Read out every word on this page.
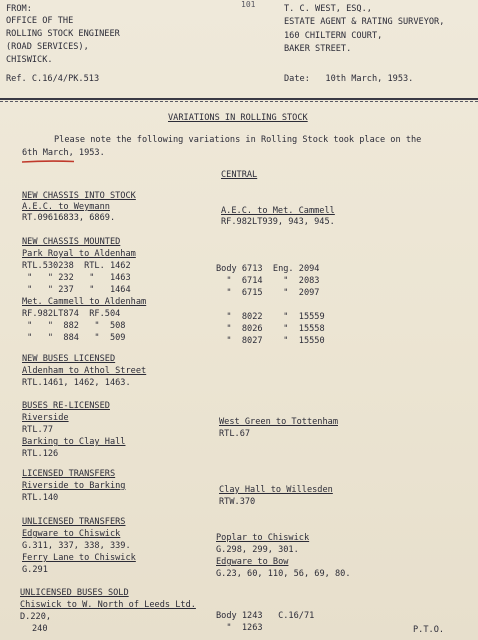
101
FROM:
OFFICE OF THE
ROLLING STOCK ENGINEER
(ROAD SERVICES),
CHISWICK.
Ref. C.16/4/PK.513
T. C. WEST, ESQ.,
ESTATE AGENT & RATING SURVEYOR,
160 CHILTERN COURT,
BAKER STREET.
Date:   10th March, 1953.
VARIATIONS IN ROLLING STOCK
Please note the following variations in Rolling Stock took place on the
6th March, 1953.
CENTRAL
NEW CHASSIS INTO STOCK
A.E.C. to Weymann
RT.09616833, 6869.
A.E.C. to Met. Cammell
RF.982LT939, 943, 945.
NEW CHASSIS MOUNTED
Park Royal to Aldenham
RTL.530238  RTL. 1462
"   " 232   "   1463
"   " 237   "   1464
Body 6713  Eng. 2094
"  6714    "  2083
"  6715    "  2097
Met. Cammell to Aldenham
RF.982LT874  RF.504
"   "  882   "  508
"   "  884   "  509
"  8022    "  15559
"  8026    "  15558
"  8027    "  15550
NEW BUSES LICENSED
Aldenham to Athol Street
RTL.1461, 1462, 1463.
BUSES RE-LICENSED
Riverside
RTL.77
Barking to Clay Hall
RTL.126
West Green to Tottenham
RTL.67
LICENSED TRANSFERS
Riverside to Barking
RTL.140
Clay Hall to Willesden
RTW.370
UNLICENSED TRANSFERS
Edgware to Chiswick
G.311, 337, 338, 339.
Ferry Lane to Chiswick
G.291
Poplar to Chiswick
G.298, 299, 301.
Edgware to Bow
G.23, 60, 110, 56, 69, 80.
UNLICENSED BUSES SOLD
Chiswick to W. North of Leeds Ltd.
D.220,
240
Body 1243   C.16/71
"  1263	P.T.O.
